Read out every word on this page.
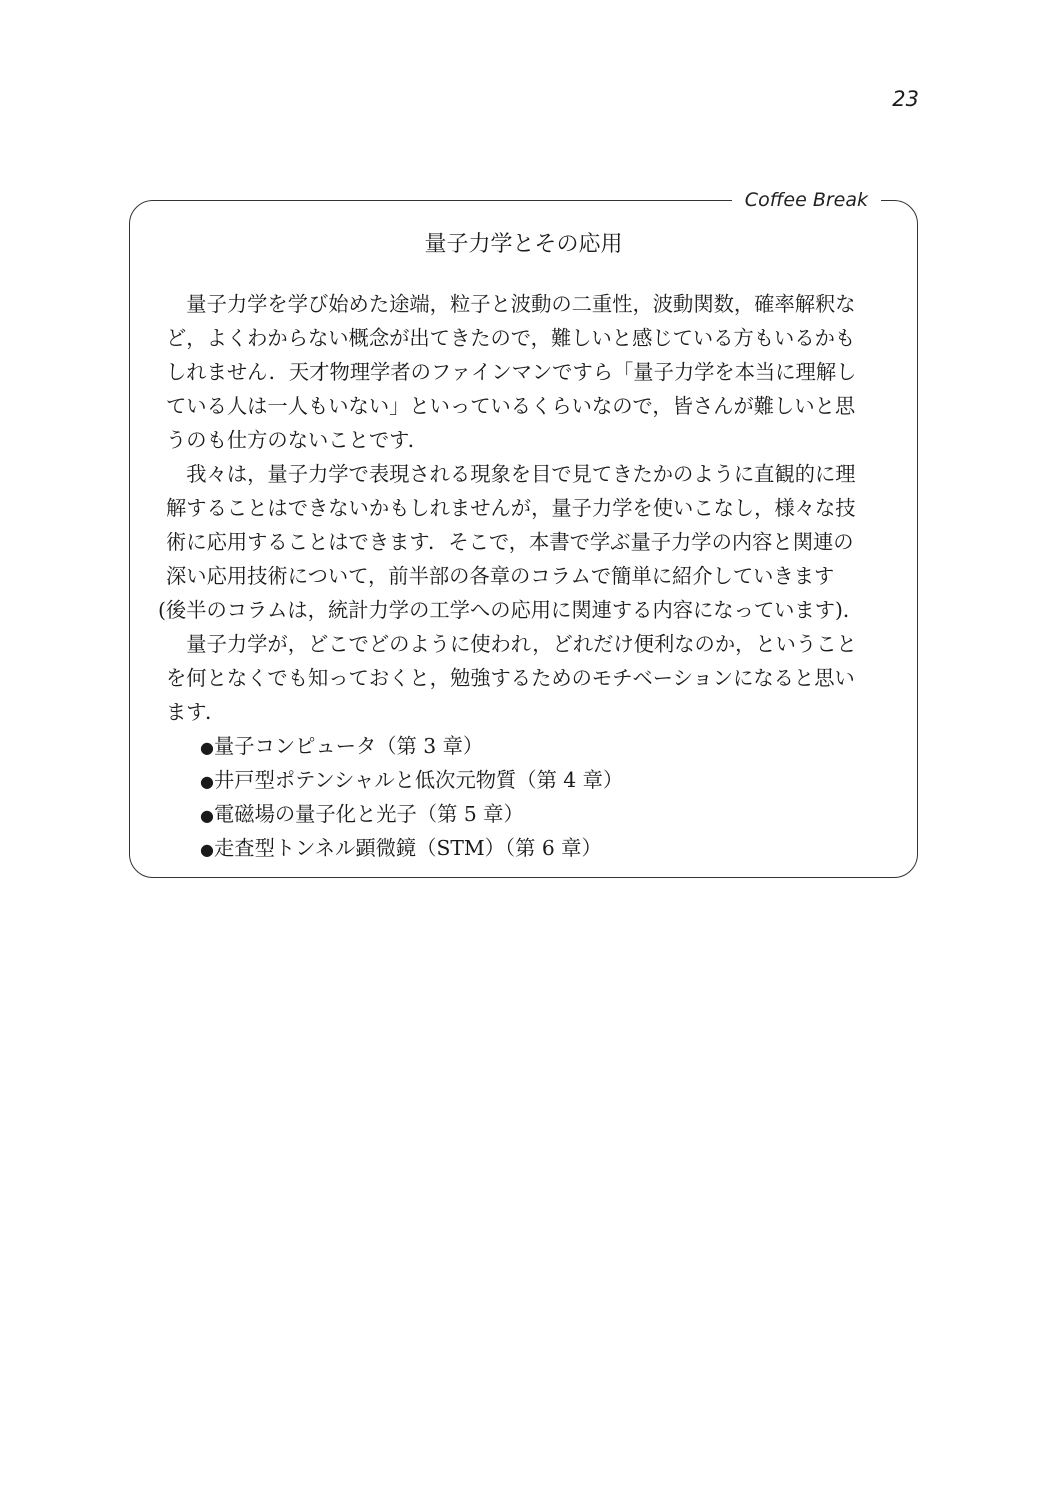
23
Coffee Break
量子力学とその応用
　量子力学を学び始めた途端，粒子と波動の二重性，波動関数，確率解釈な
ど，よくわからない概念が出てきたので，難しいと感じている方もいるかも
しれません．天才物理学者のファインマンですら「量子力学を本当に理解し
ている人は一人もいない」といっているくらいなので，皆さんが難しいと思
うのも仕方のないことです．
　我々は，量子力学で表現される現象を目で見てきたかのように直観的に理
解することはできないかもしれませんが，量子力学を使いこなし，様々な技
術に応用することはできます．そこで，本書で学ぶ量子力学の内容と関連の
深い応用技術について，前半部の各章のコラムで簡単に紹介していきます
(後半のコラムは，統計力学の工学への応用に関連する内容になっています)．
　量子力学が，どこでどのように使われ，どれだけ便利なのか，ということ
を何となくでも知っておくと，勉強するためのモチベーションになると思い
ます．
●量子コンピュータ（第 3 章）
●井戸型ポテンシャルと低次元物質（第 4 章）
●電磁場の量子化と光子（第 5 章）
●走査型トンネル顕微鏡（STM）（第 6 章）
